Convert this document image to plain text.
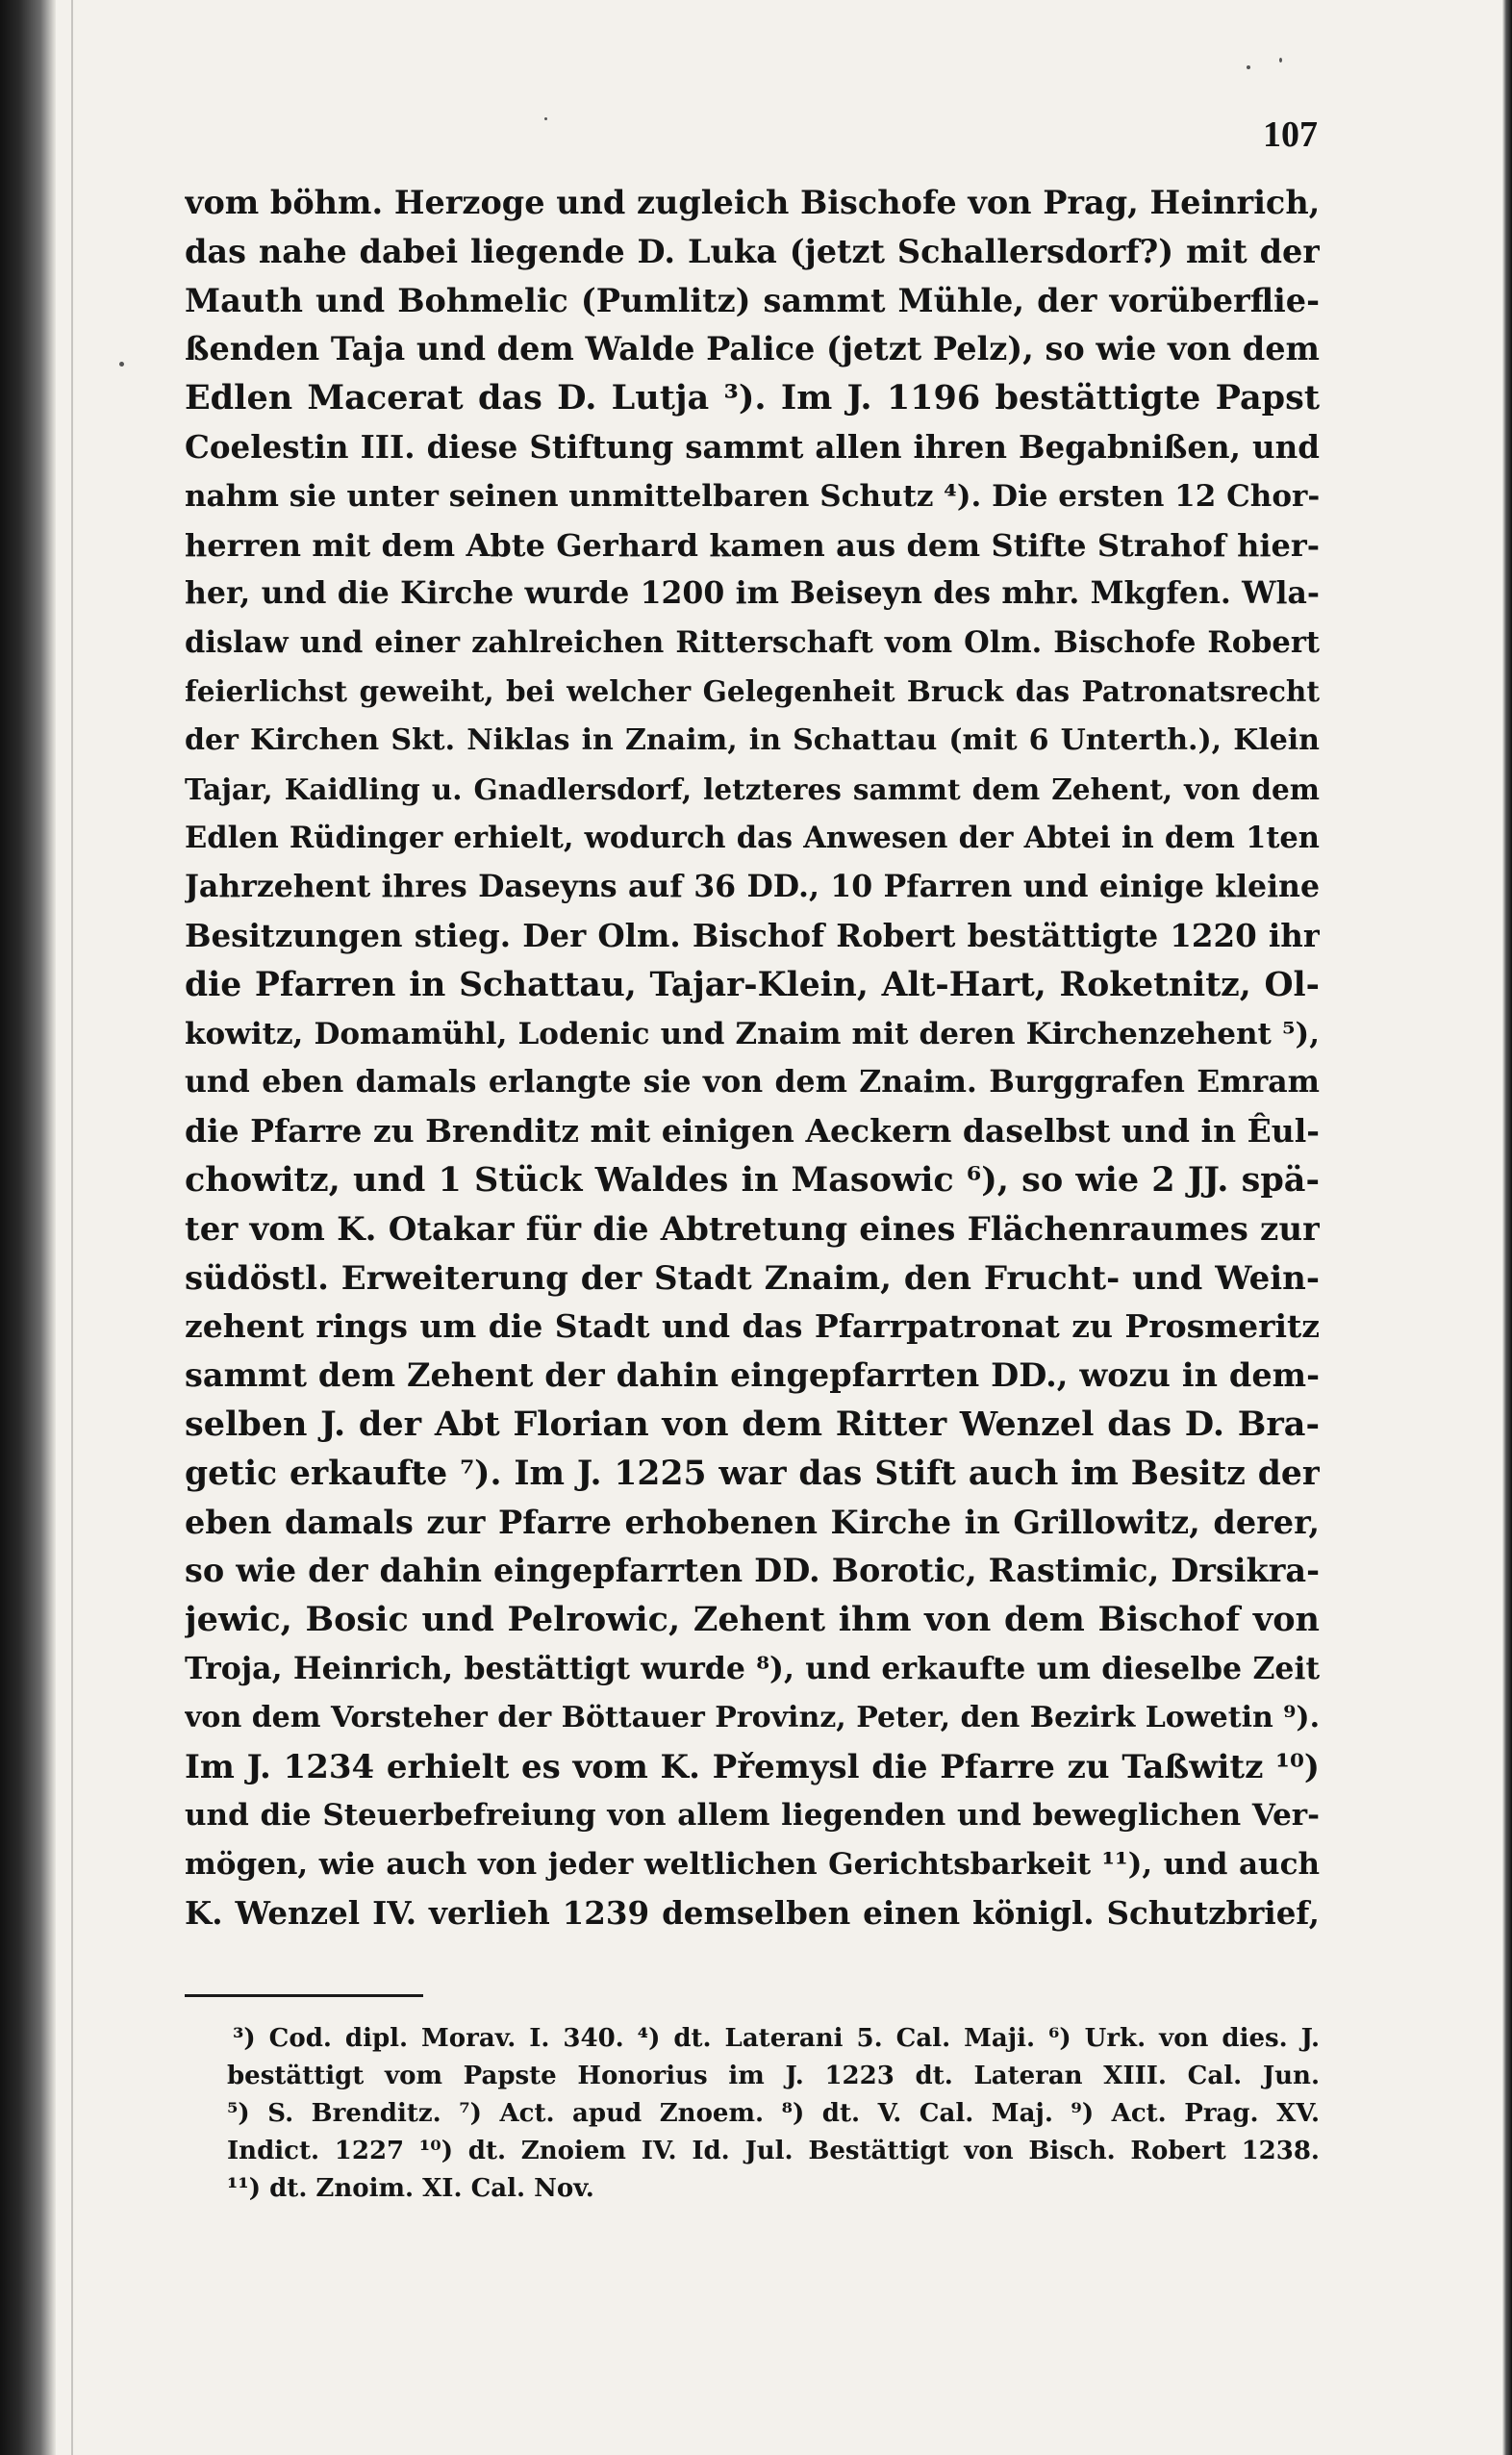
107
vom böhm. Herzoge und zugleich Bischofe von Prag, Heinrich,
das nahe dabei liegende D. Luka (jetzt Schallersdorf?) mit der
Mauth und Bohmelic (Pumlitz) sammt Mühle, der vorüberflie-
ßenden Taja und dem Walde Palice (jetzt Pelz), so wie von dem
Edlen Macerat das D. Lutja ³). Im J. 1196 bestättigte Papst
Coelestin III. diese Stiftung sammt allen ihren Begabnißen, und
nahm sie unter seinen unmittelbaren Schutz ⁴). Die ersten 12 Chor-
herren mit dem Abte Gerhard kamen aus dem Stifte Strahof hier-
her, und die Kirche wurde 1200 im Beiseyn des mhr. Mkgfen. Wla-
dislaw und einer zahlreichen Ritterschaft vom Olm. Bischofe Robert
feierlichst geweiht, bei welcher Gelegenheit Bruck das Patronatsrecht
der Kirchen Skt. Niklas in Znaim, in Schattau (mit 6 Unterth.), Klein
Tajar, Kaidling u. Gnadlersdorf, letzteres sammt dem Zehent, von dem
Edlen Rüdinger erhielt, wodurch das Anwesen der Abtei in dem 1ten
Jahrzehent ihres Daseyns auf 36 DD., 10 Pfarren und einige kleine
Besitzungen stieg. Der Olm. Bischof Robert bestättigte 1220 ihr
die Pfarren in Schattau, Tajar-Klein, Alt-Hart, Roketnitz, Ol-
kowitz, Domamühl, Lodenic und Znaim mit deren Kirchenzehent ⁵),
und eben damals erlangte sie von dem Znaim. Burggrafen Emram
die Pfarre zu Brenditz mit einigen Aeckern daselbst und in Êul-
chowitz, und 1 Stück Waldes in Masowic ⁶), so wie 2 JJ. spä-
ter vom K. Otakar für die Abtretung eines Flächenraumes zur
südöstl. Erweiterung der Stadt Znaim, den Frucht- und Wein-
zehent rings um die Stadt und das Pfarrpatronat zu Prosmeritz
sammt dem Zehent der dahin eingepfarrten DD., wozu in dem-
selben J. der Abt Florian von dem Ritter Wenzel das D. Bra-
getic erkaufte ⁷). Im J. 1225 war das Stift auch im Besitz der
eben damals zur Pfarre erhobenen Kirche in Grillowitz, derer,
so wie der dahin eingepfarrten DD. Borotic, Rastimic, Drsikra-
jewic, Bosic und Pelrowic, Zehent ihm von dem Bischof von
Troja, Heinrich, bestättigt wurde ⁸), und erkaufte um dieselbe Zeit
von dem Vorsteher der Böttauer Provinz, Peter, den Bezirk Lowetin ⁹).
Im J. 1234 erhielt es vom K. Přemysl die Pfarre zu Taßwitz ¹⁰)
und die Steuerbefreiung von allem liegenden und beweglichen Ver-
mögen, wie auch von jeder weltlichen Gerichtsbarkeit ¹¹), und auch
K. Wenzel IV. verlieh 1239 demselben einen königl. Schutzbrief,
³) Cod. dipl. Morav. I. 340. ⁴) dt. Laterani 5. Cal. Maji. ⁶) Urk. von dies. J.
bestättigt vom Papste Honorius im J. 1223 dt. Lateran XIII. Cal. Jun.
⁵) S. Brenditz. ⁷) Act. apud Znoem. ⁸) dt. V. Cal. Maj. ⁹) Act. Prag. XV.
Indict. 1227 ¹⁰) dt. Znoiem IV. Id. Jul. Bestättigt von Bisch. Robert 1238.
¹¹) dt. Znoim. XI. Cal. Nov.
